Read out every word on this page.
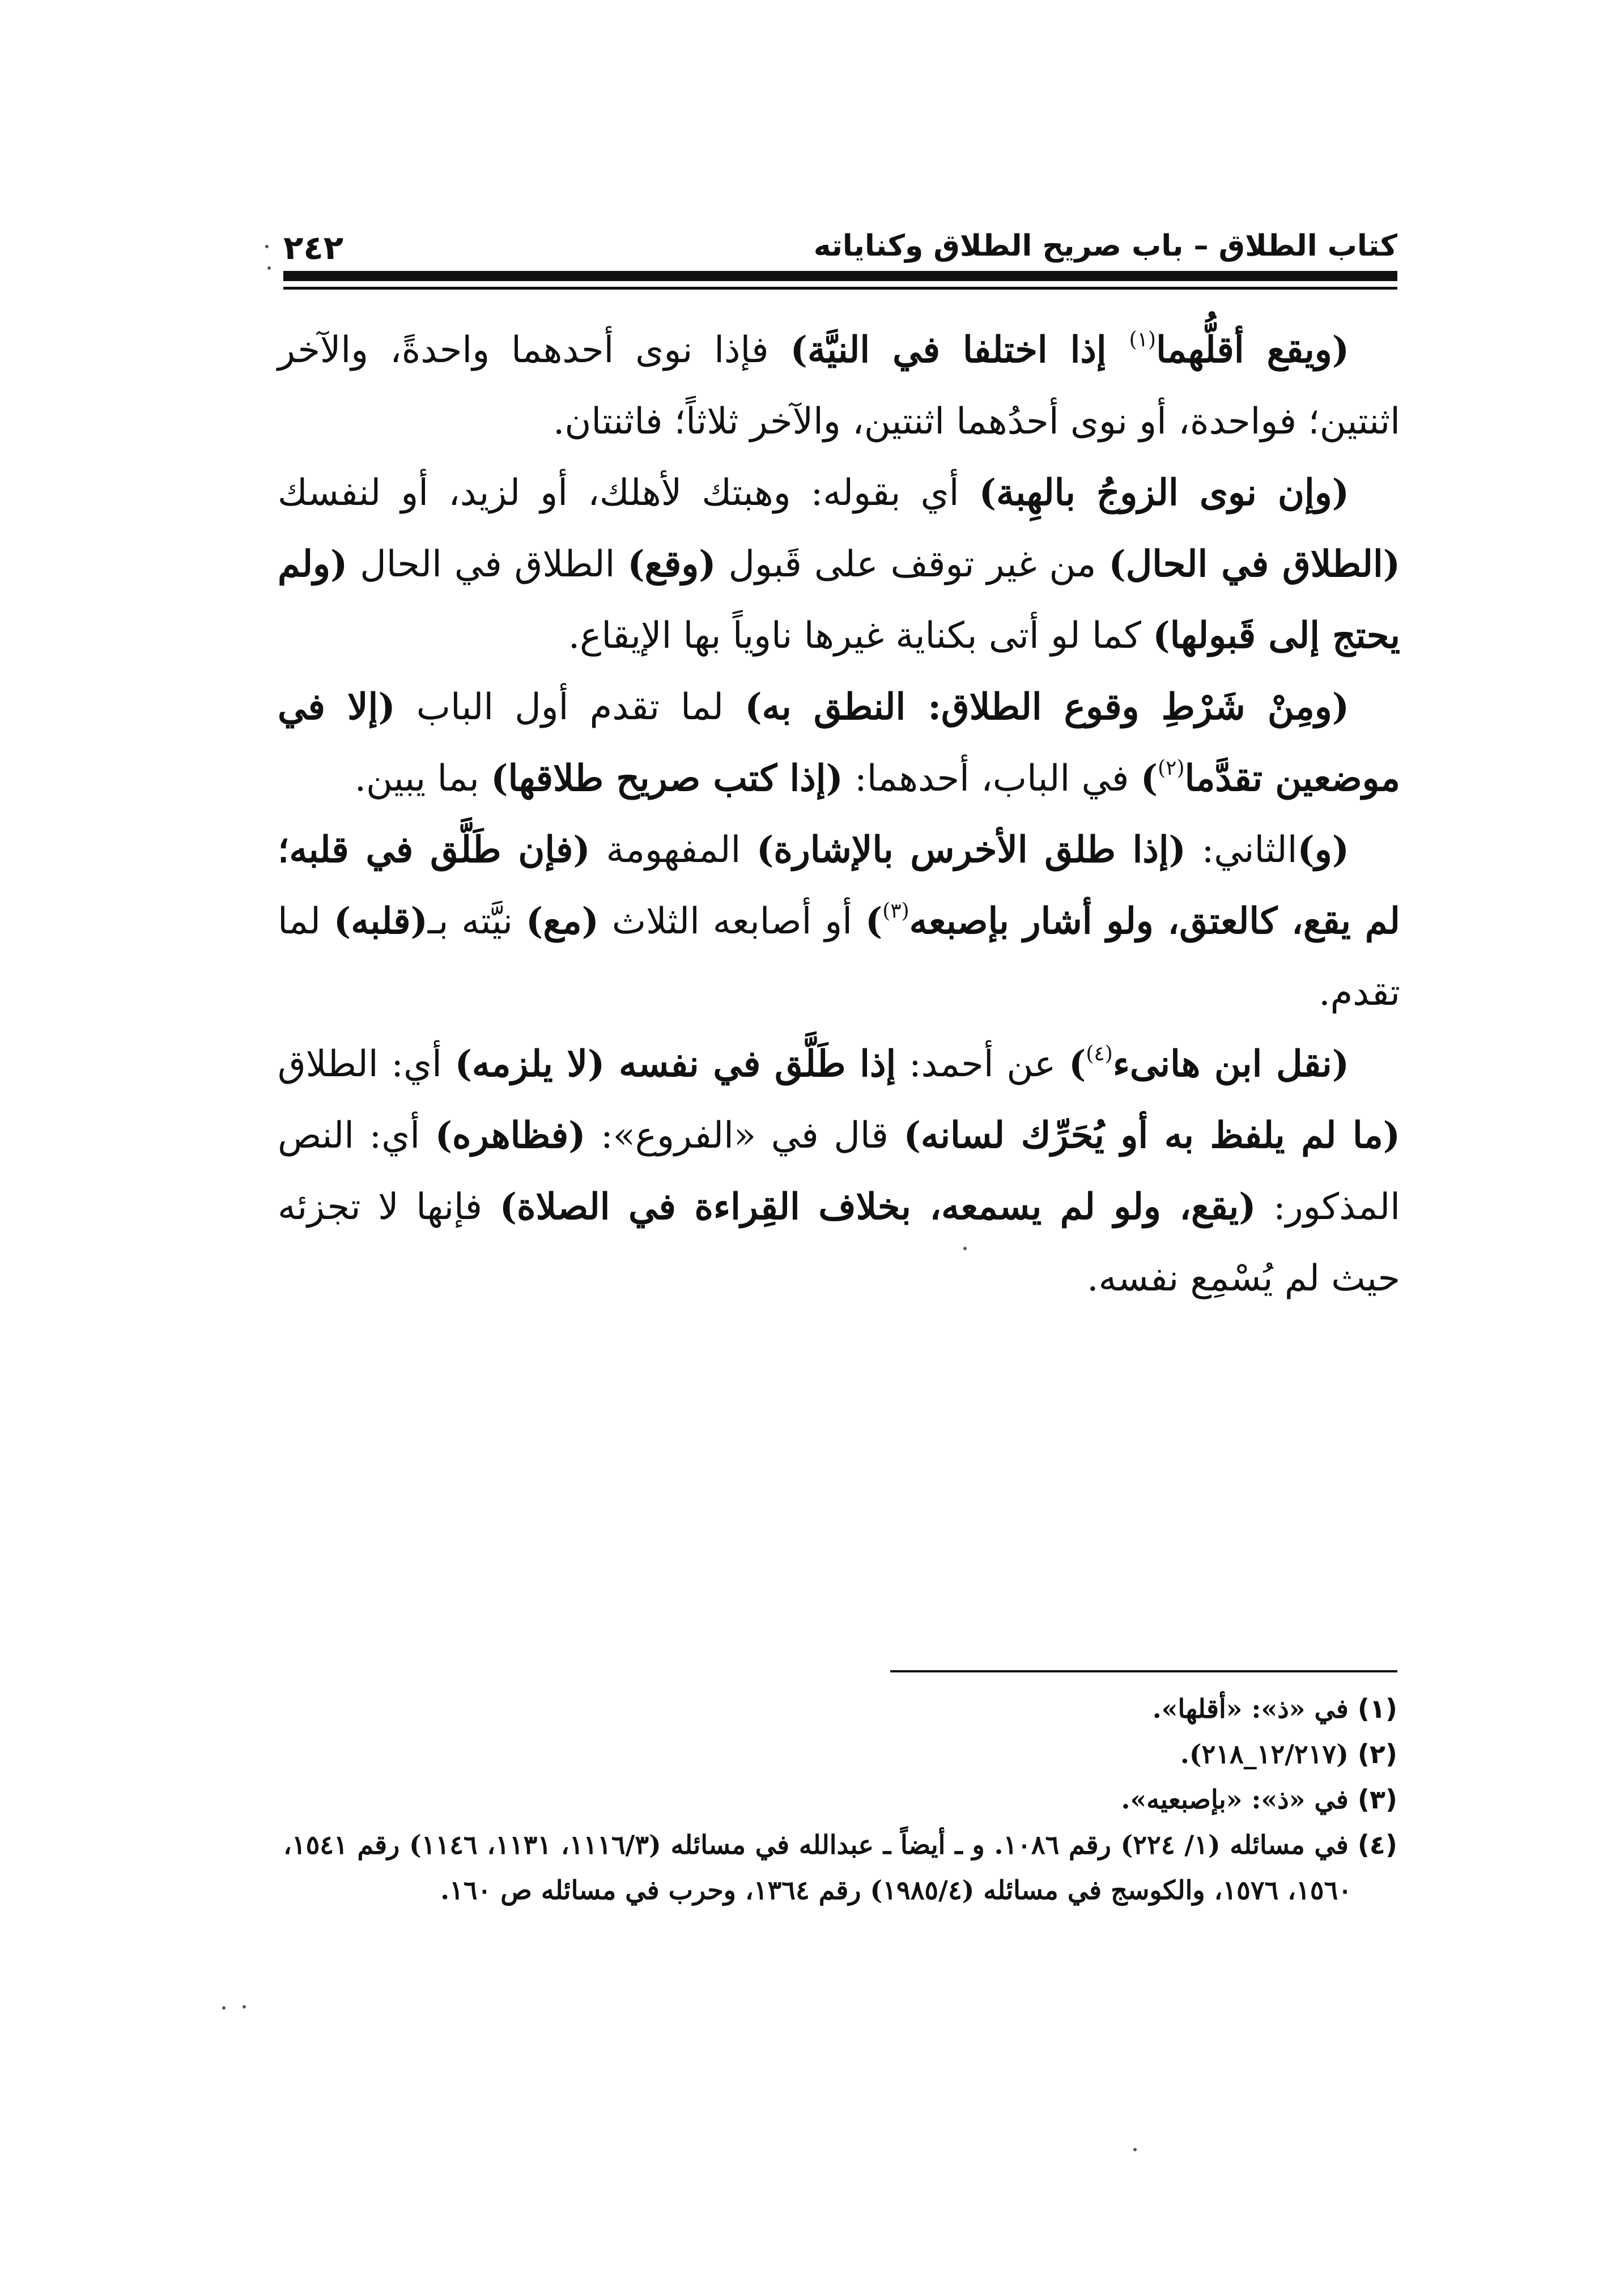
كتاب الطلاق – باب صريح الطلاق وكناياته
٢٤٢

(ويقع أقلُّهما$^{(١)}$ إذا اختلفا في النيَّة) فإذا نوى أحدهما واحدةً، والآخر اثنتين؛ فواحدة، أو نوى أحدُهما اثنتين، والآخر ثلاثاً؛ فاثنتان.

(وإن نوى الزوجُ بالهِبة) أي بقوله: وهبتك لأهلك، أو لزيد، أو لنفسك (الطلاق في الحال) من غير توقف على قَبول (وقع) الطلاق في الحال (ولم يحتج إلى قَبولها) كما لو أتى بكناية غيرها ناوياً بها الإيقاع.

(ومِنْ شَرْطِ وقوع الطلاق: النطق به) لما تقدم أول الباب (إلا في موضعين تقدَّما$^{(٢)}$) في الباب، أحدهما: (إذا كتب صريح طلاقها) بما يبين.

(و)الثاني: (إذا طلق الأخرس بالإشارة) المفهومة (فإن طَلَّق في قلبه؛ لم يقع، كالعتق، ولو أشار بإصبعه$^{(٣)}$) أو أصابعه الثلاث (مع) نيَّته بـ(قلبه) لما تقدم.

(نقل ابن هانىء$^{(٤)}$) عن أحمد: إذا طَلَّق في نفسه (لا يلزمه) أي: الطلاق (ما لم يلفظ به أو يُحَرِّك لسانه) قال في «الفروع»: (فظاهره) أي: النص المذكور: (يقع، ولو لم يسمعه، بخلاف القِراءة في الصلاة) فإنها لا تجزئه حيث لم يُسْمِع نفسه.

(١)في «ذ»: «أقلها».

(٢)(١٢/٢١٧_٢١٨).

(٣)في «ذ»: «بإصبعيه».

(٤)في مسائله (١/ ٢٢٤) رقم ١٠٨٦. و ـ أيضاً ـ عبدالله في مسائله (١١١٦/٣، ١١٣١، ١١٤٦) رقم ١٥٤١، ١٥٦٠، ١٥٧٦، والكوسج في مسائله (١٩٨٥/٤) رقم ١٣٦٤، وحرب في مسائله ص ١٦٠.
